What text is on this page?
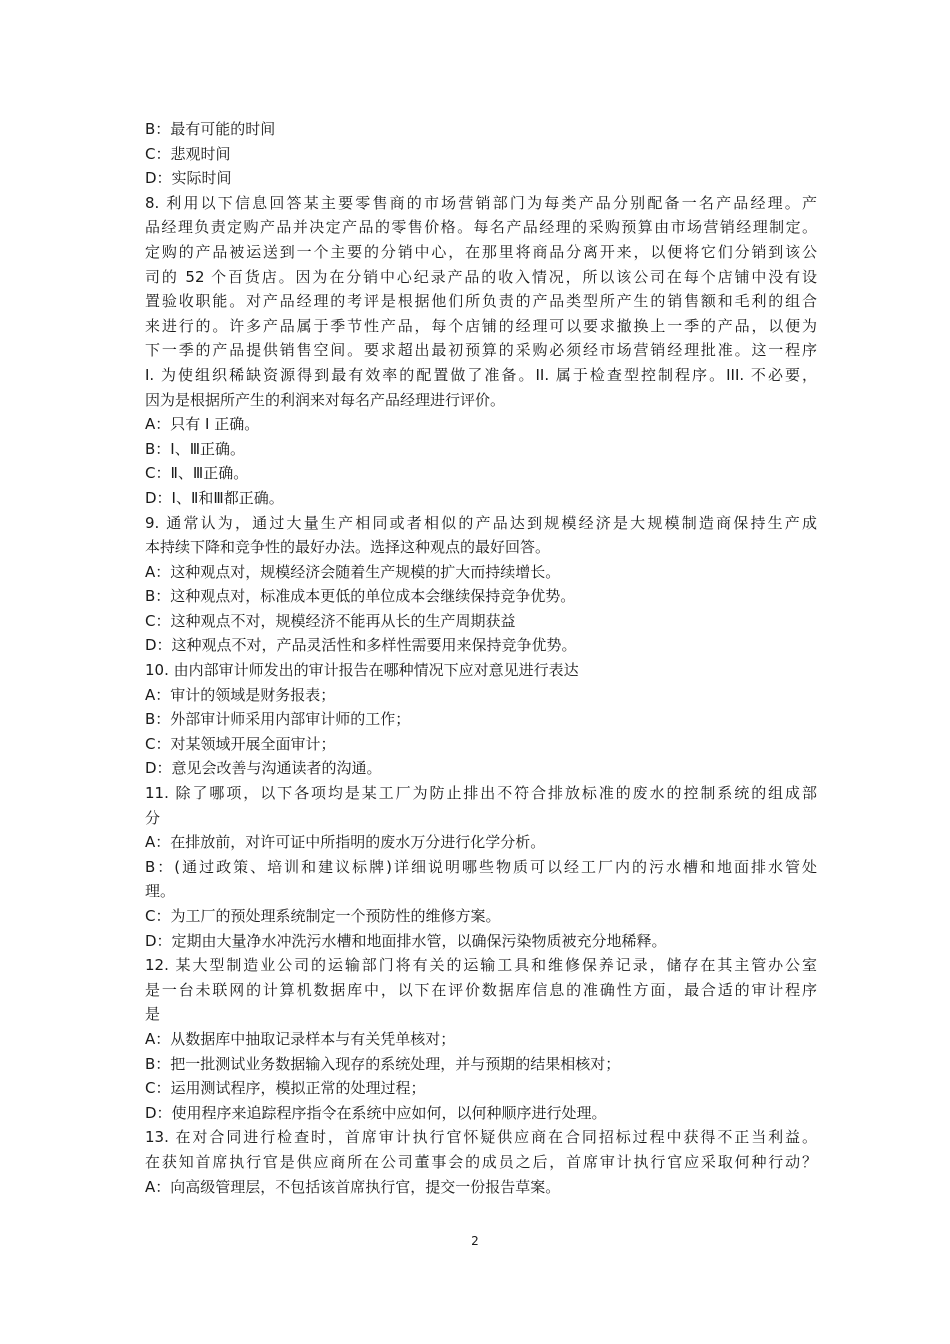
B：最有可能的时间
C：悲观时间
D：实际时间
8. 利用以下信息回答某主要零售商的市场营销部门为每类产品分别配备一名产品经理。产
品经理负责定购产品并决定产品的零售价格。每名产品经理的采购预算由市场营销经理制定。
定购的产品被运送到一个主要的分销中心，在那里将商品分离开来，以便将它们分销到该公
司的 52 个百货店。因为在分销中心纪录产品的收入情况，所以该公司在每个店铺中没有设
置验收职能。对产品经理的考评是根据他们所负责的产品类型所产生的销售额和毛利的组合
来进行的。许多产品属于季节性产品，每个店铺的经理可以要求撤换上一季的产品，以便为
下一季的产品提供销售空间。要求超出最初预算的采购必须经市场营销经理批准。这一程序
I. 为使组织稀缺资源得到最有效率的配置做了准备。II. 属于检查型控制程序。III. 不必要，
因为是根据所产生的利润来对每名产品经理进行评价。
A：只有 I 正确。
B：I、Ⅲ正确。
C：Ⅱ、Ⅲ正确。
D：I、Ⅱ和Ⅲ都正确。
9. 通常认为，通过大量生产相同或者相似的产品达到规模经济是大规模制造商保持生产成
本持续下降和竞争性的最好办法。选择这种观点的最好回答。
A：这种观点对，规模经济会随着生产规模的扩大而持续增长。
B：这种观点对，标准成本更低的单位成本会继续保持竞争优势。
C：这种观点不对，规模经济不能再从长的生产周期获益
D：这种观点不对，产品灵活性和多样性需要用来保持竞争优势。
10. 由内部审计师发出的审计报告在哪种情况下应对意见进行表达
A：审计的领域是财务报表；
B：外部审计师采用内部审计师的工作；
C：对某领域开展全面审计；
D：意见会改善与沟通读者的沟通。
11. 除了哪项，以下各项均是某工厂为防止排出不符合排放标准的废水的控制系统的组成部
分
A：在排放前，对许可证中所指明的废水万分进行化学分析。
B：(通过政策、培训和建议标牌)详细说明哪些物质可以经工厂内的污水槽和地面排水管处
理。
C：为工厂的预处理系统制定一个预防性的维修方案。
D：定期由大量净水冲洗污水槽和地面排水管，以确保污染物质被充分地稀释。
12. 某大型制造业公司的运输部门将有关的运输工具和维修保养记录，储存在其主管办公室
是一台未联网的计算机数据库中，以下在评价数据库信息的准确性方面，最合适的审计程序
是
A：从数据库中抽取记录样本与有关凭单核对；
B：把一批测试业务数据输入现存的系统处理，并与预期的结果相核对；
C：运用测试程序，模拟正常的处理过程；
D：使用程序来追踪程序指令在系统中应如何，以何种顺序进行处理。
13. 在对合同进行检查时，首席审计执行官怀疑供应商在合同招标过程中获得不正当利益。
在获知首席执行官是供应商所在公司董事会的成员之后，首席审计执行官应采取何种行动？
A：向高级管理层，不包括该首席执行官，提交一份报告草案。
2
